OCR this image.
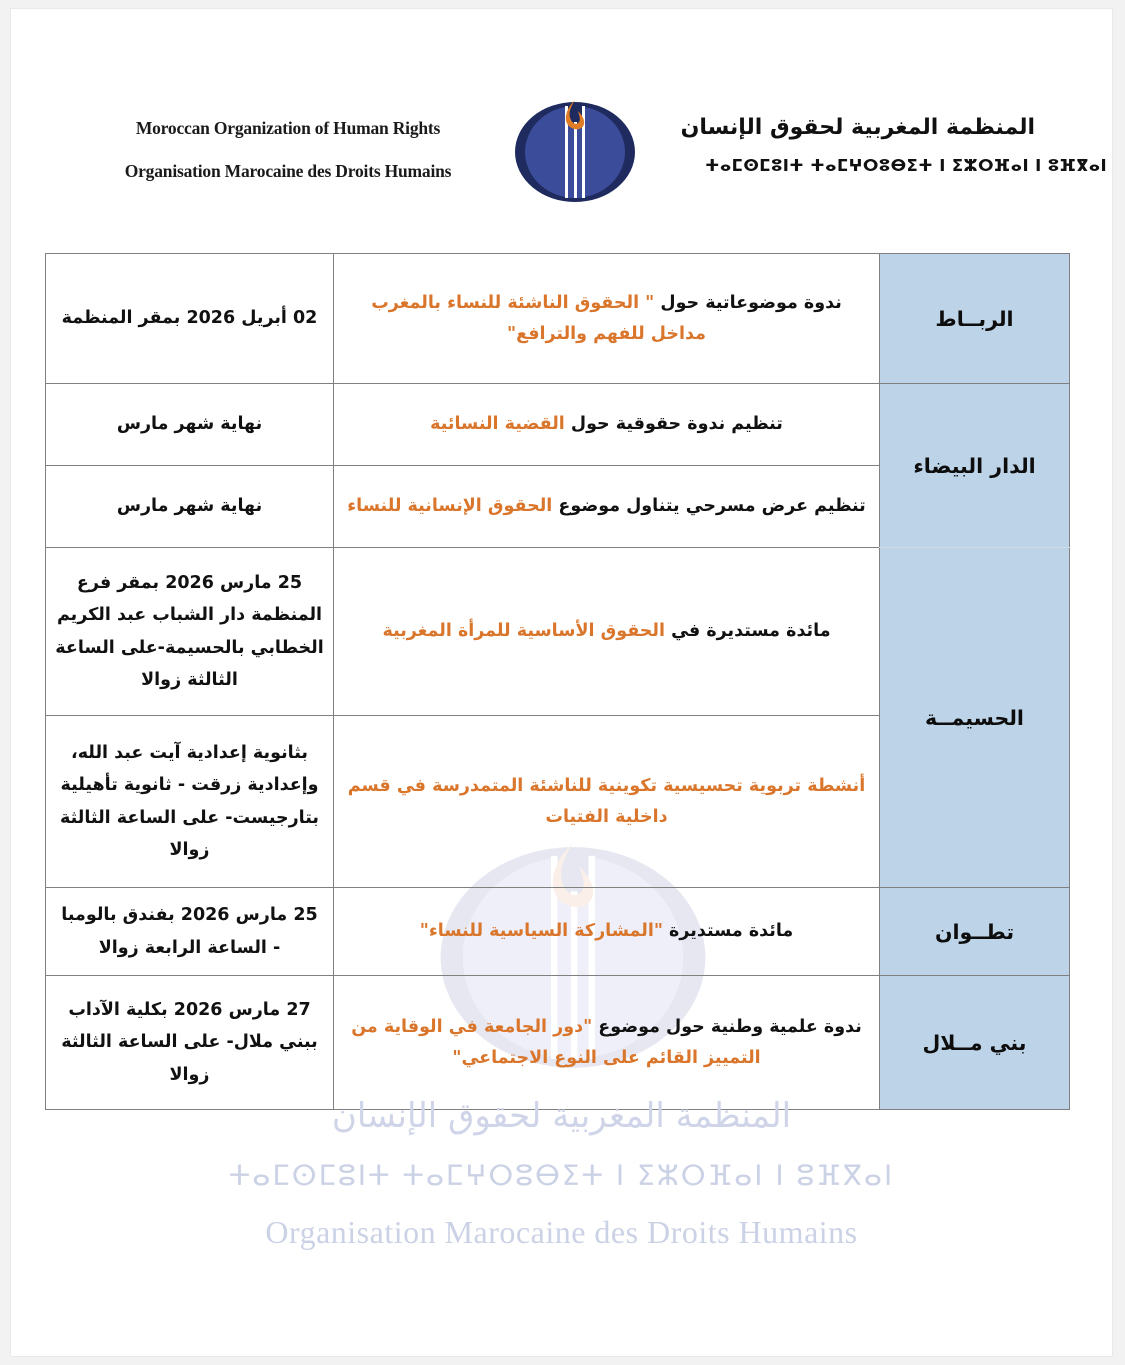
Moroccan Organization of Human Rights
Organisation Marocaine des Droits Humains
المنظمة المغربية لحقوق الإنسان
ⵜⴰⵎⵙⵎⵓⵏⵜ ⵜⴰⵎⵖⵔⵓⴱⵉⵜ ⵏ ⵉⵣⵔⴼⴰⵏ ⵏ ⵓⴼⴳⴰⵏ
الربــاط	ندوة موضوعاتية حول " الحقوق الناشئة للنساء بالمغرب مداخل للفهم والترافع"	02 أبريل 2026 بمقر المنظمة
الدار البيضاء	تنظيم ندوة حقوقية حول القضية النسائية	نهاية شهر مارس
	تنظيم عرض مسرحي يتناول موضوع الحقوق الإنسانية للنساء	نهاية شهر مارس
الحسيمــة	مائدة مستديرة في الحقوق الأساسية للمرأة المغربية	25 مارس 2026 بمقر فرع المنظمة دار الشباب عبد الكريم الخطابي بالحسيمة-على الساعة الثالثة زوالا
	أنشطة تربوية تحسيسية تكوينية للناشئة المتمدرسة في قسم داخلية الفتيات	بثانوية إعدادية آيت عبد الله، وإعدادية زرقت - ثانوية تأهيلية بتارجيست- على الساعة الثالثة زوالا
تطــوان	مائدة مستديرة "المشاركة السياسية للنساء"	25 مارس 2026 بفندق بالومبا - الساعة الرابعة زوالا
بني مــلال	ندوة علمية وطنية حول موضوع "دور الجامعة في الوقاية من التمييز القائم على النوع الاجتماعي"	27 مارس 2026 بكلية الآداب ببني ملال- على الساعة الثالثة زوالا
المنظمة المغربية لحقوق الإنسان
ⵜⴰⵎⵙⵎⵓⵏⵜ ⵜⴰⵎⵖⵔⵓⴱⵉⵜ ⵏ ⵉⵣⵔⴼⴰⵏ ⵏ ⵓⴼⴳⴰⵏ
Organisation Marocaine des Droits Humains
